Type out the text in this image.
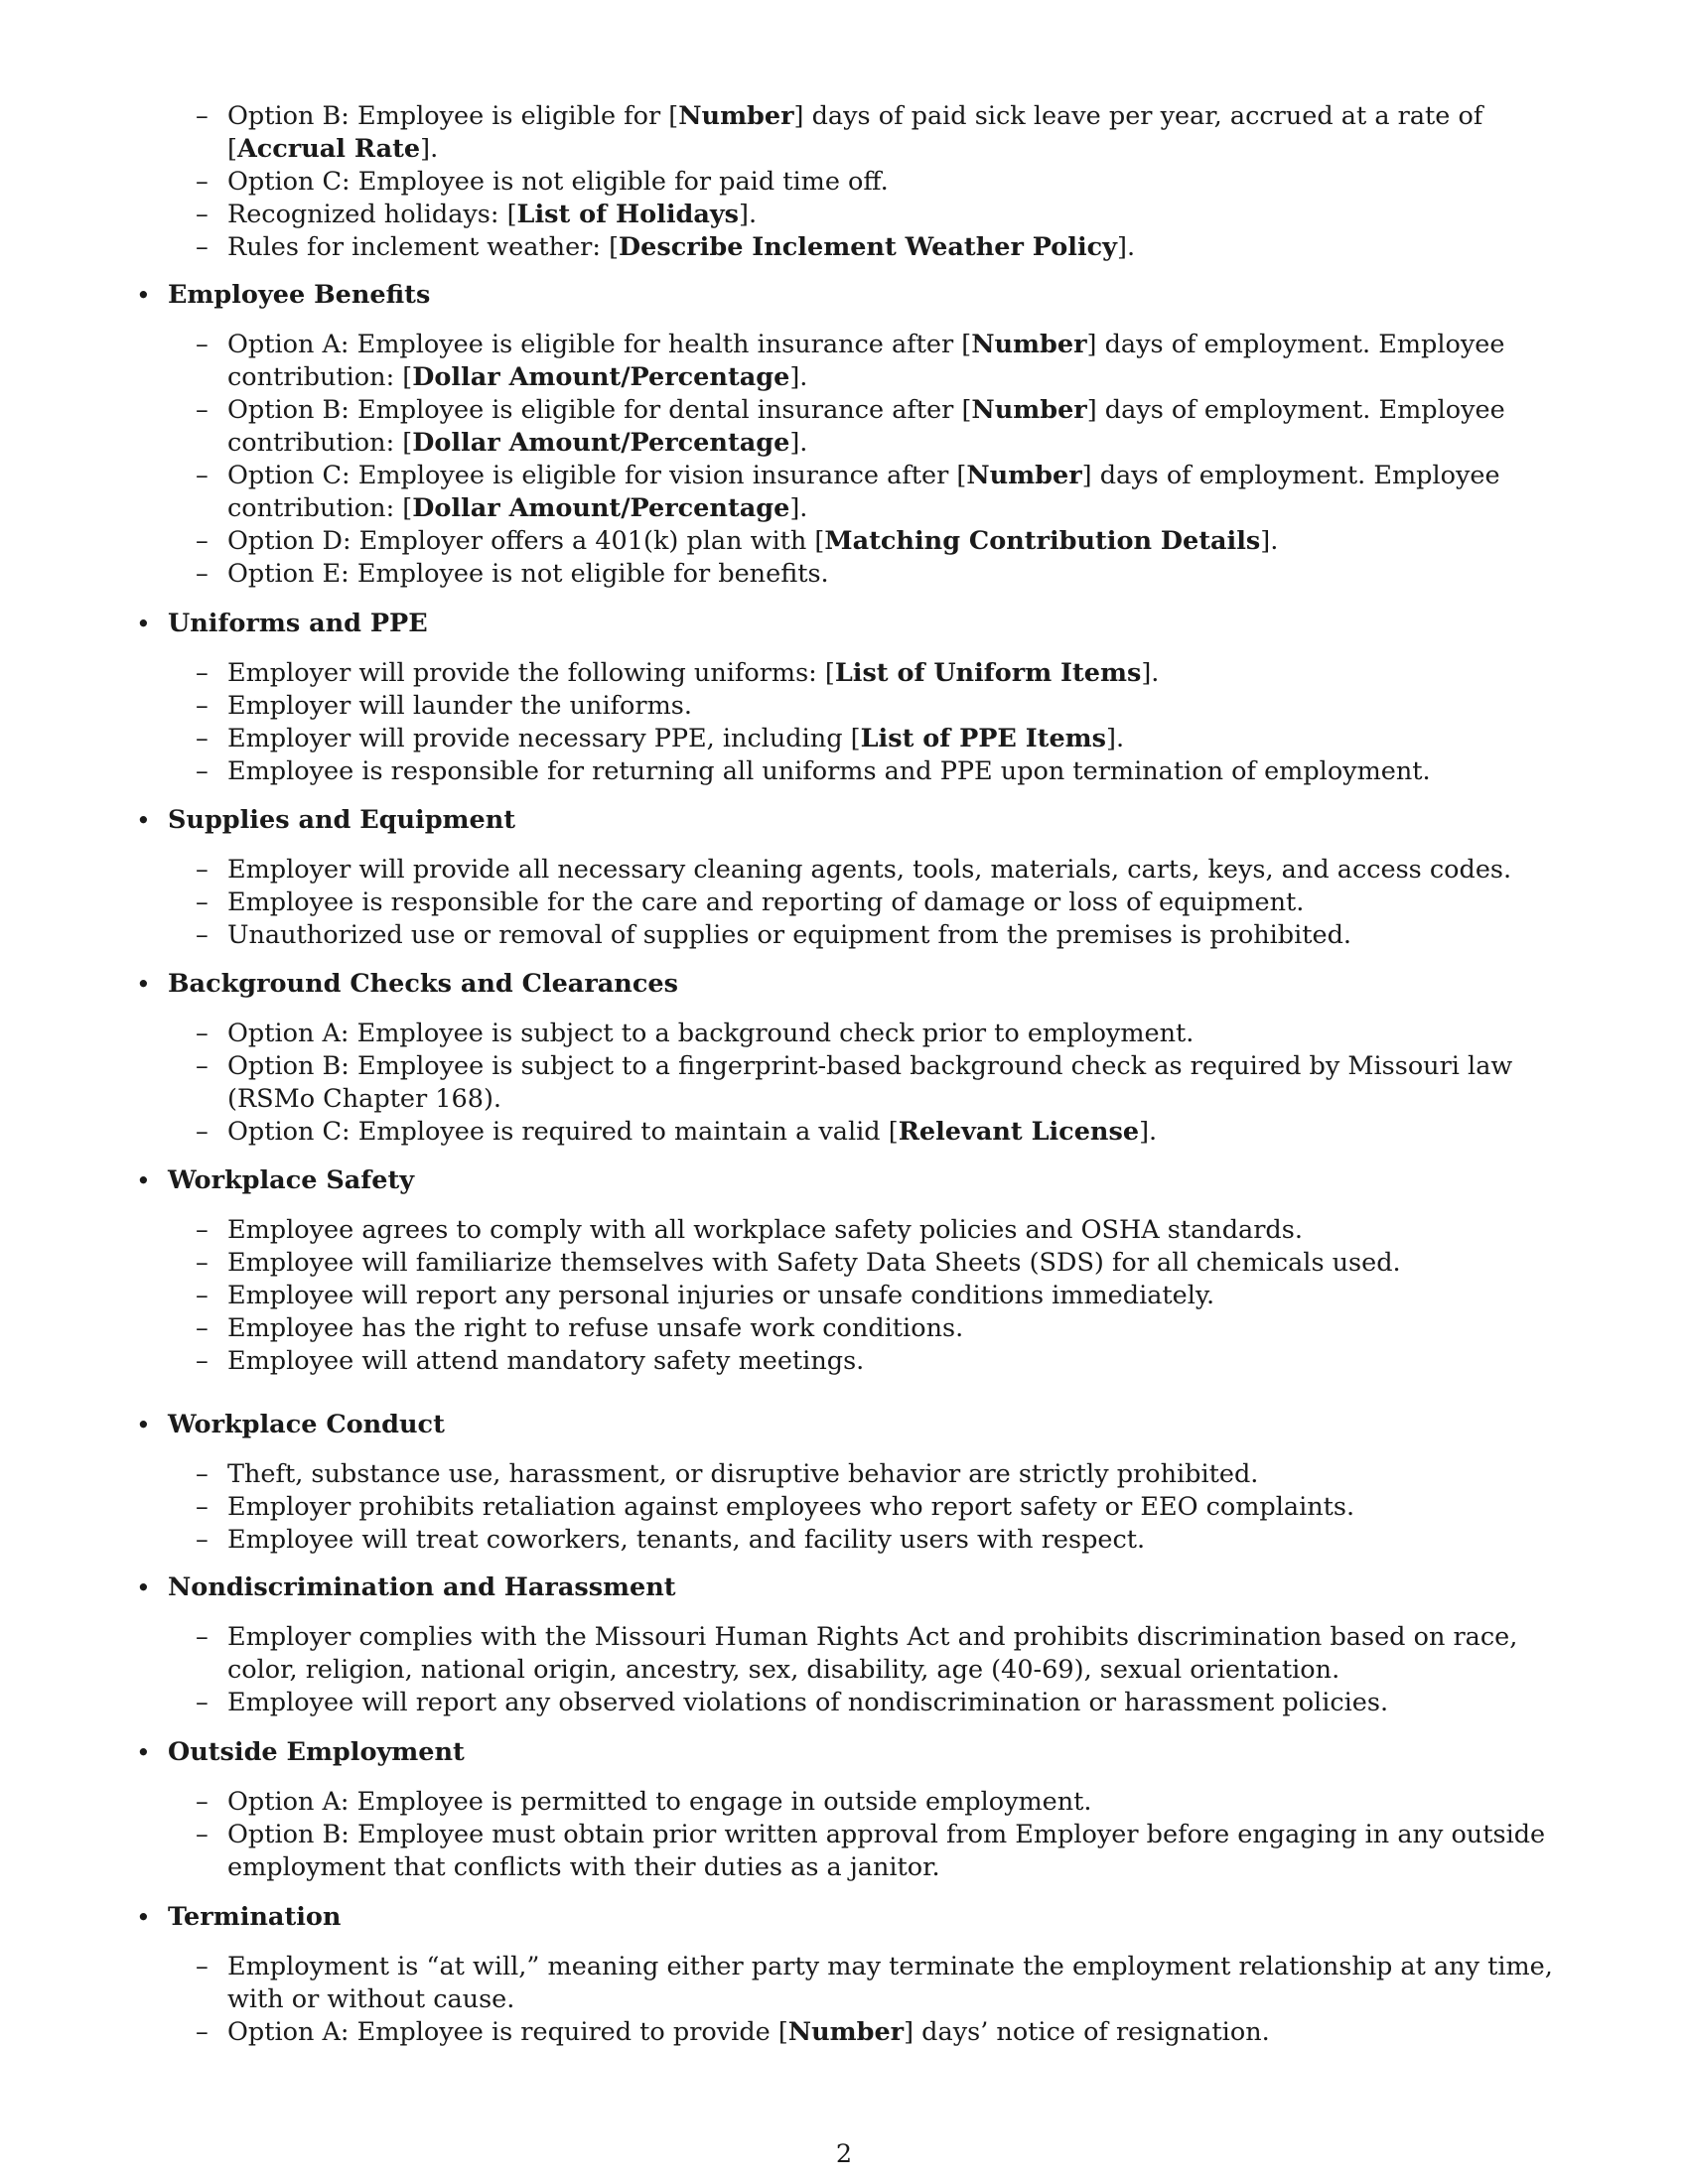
– Option B: Employee is eligible for [Number] days of paid sick leave per year, accrued at a rate of [Accrual Rate].
– Option C: Employee is not eligible for paid time off.
– Recognized holidays: [List of Holidays].
– Rules for inclement weather: [Describe Inclement Weather Policy].
• Employee Benefits
– Option A: Employee is eligible for health insurance after [Number] days of employment. Employee contribution: [Dollar Amount/Percentage].
– Option B: Employee is eligible for dental insurance after [Number] days of employment. Employee contribution: [Dollar Amount/Percentage].
– Option C: Employee is eligible for vision insurance after [Number] days of employment. Employee contribution: [Dollar Amount/Percentage].
– Option D: Employer offers a 401(k) plan with [Matching Contribution Details].
– Option E: Employee is not eligible for benefits.
• Uniforms and PPE
– Employer will provide the following uniforms: [List of Uniform Items].
– Employer will launder the uniforms.
– Employer will provide necessary PPE, including [List of PPE Items].
– Employee is responsible for returning all uniforms and PPE upon termination of employment.
• Supplies and Equipment
– Employer will provide all necessary cleaning agents, tools, materials, carts, keys, and access codes.
– Employee is responsible for the care and reporting of damage or loss of equipment.
– Unauthorized use or removal of supplies or equipment from the premises is prohibited.
• Background Checks and Clearances
– Option A: Employee is subject to a background check prior to employment.
– Option B: Employee is subject to a fingerprint-based background check as required by Missouri law (RSMo Chapter 168).
– Option C: Employee is required to maintain a valid [Relevant License].
• Workplace Safety
– Employee agrees to comply with all workplace safety policies and OSHA standards.
– Employee will familiarize themselves with Safety Data Sheets (SDS) for all chemicals used.
– Employee will report any personal injuries or unsafe conditions immediately.
– Employee has the right to refuse unsafe work conditions.
– Employee will attend mandatory safety meetings.
• Workplace Conduct
– Theft, substance use, harassment, or disruptive behavior are strictly prohibited.
– Employer prohibits retaliation against employees who report safety or EEO complaints.
– Employee will treat coworkers, tenants, and facility users with respect.
• Nondiscrimination and Harassment
– Employer complies with the Missouri Human Rights Act and prohibits discrimination based on race, color, religion, national origin, ancestry, sex, disability, age (40-69), sexual orientation.
– Employee will report any observed violations of nondiscrimination or harassment policies.
• Outside Employment
– Option A: Employee is permitted to engage in outside employment.
– Option B: Employee must obtain prior written approval from Employer before engaging in any outside employment that conflicts with their duties as a janitor.
• Termination
– Employment is “at will,” meaning either party may terminate the employment relationship at any time, with or without cause.
– Option A: Employee is required to provide [Number] days’ notice of resignation.
2
